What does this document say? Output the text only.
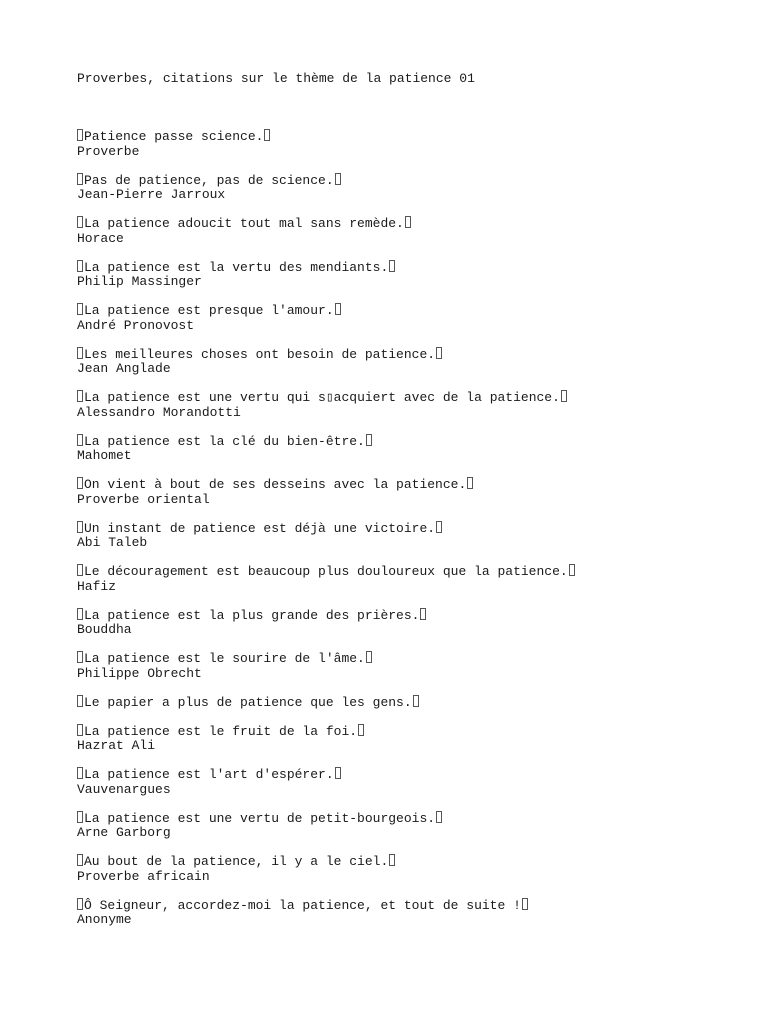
Proverbes, citations sur le thème de la patience 01
Patience passe science.
Proverbe
Pas de patience, pas de science.
Jean-Pierre Jarroux
La patience adoucit tout mal sans remède.
Horace
La patience est la vertu des mendiants.
Philip Massinger
La patience est presque l'amour.
André Pronovost
Les meilleures choses ont besoin de patience.
Jean Anglade
La patience est une vertu qui s▯acquiert avec de la patience.
Alessandro Morandotti
La patience est la clé du bien-être.
Mahomet
On vient à bout de ses desseins avec la patience.
Proverbe oriental
Un instant de patience est déjà une victoire.
Abi Taleb
Le découragement est beaucoup plus douloureux que la patience.
Hafiz
La patience est la plus grande des prières.
Bouddha
La patience est le sourire de l'âme.
Philippe Obrecht
Le papier a plus de patience que les gens.
La patience est le fruit de la foi.
Hazrat Ali
La patience est l'art d'espérer.
Vauvenargues
La patience est une vertu de petit-bourgeois.
Arne Garborg
Au bout de la patience, il y a le ciel.
Proverbe africain
Ô Seigneur, accordez-moi la patience, et tout de suite !
Anonyme
